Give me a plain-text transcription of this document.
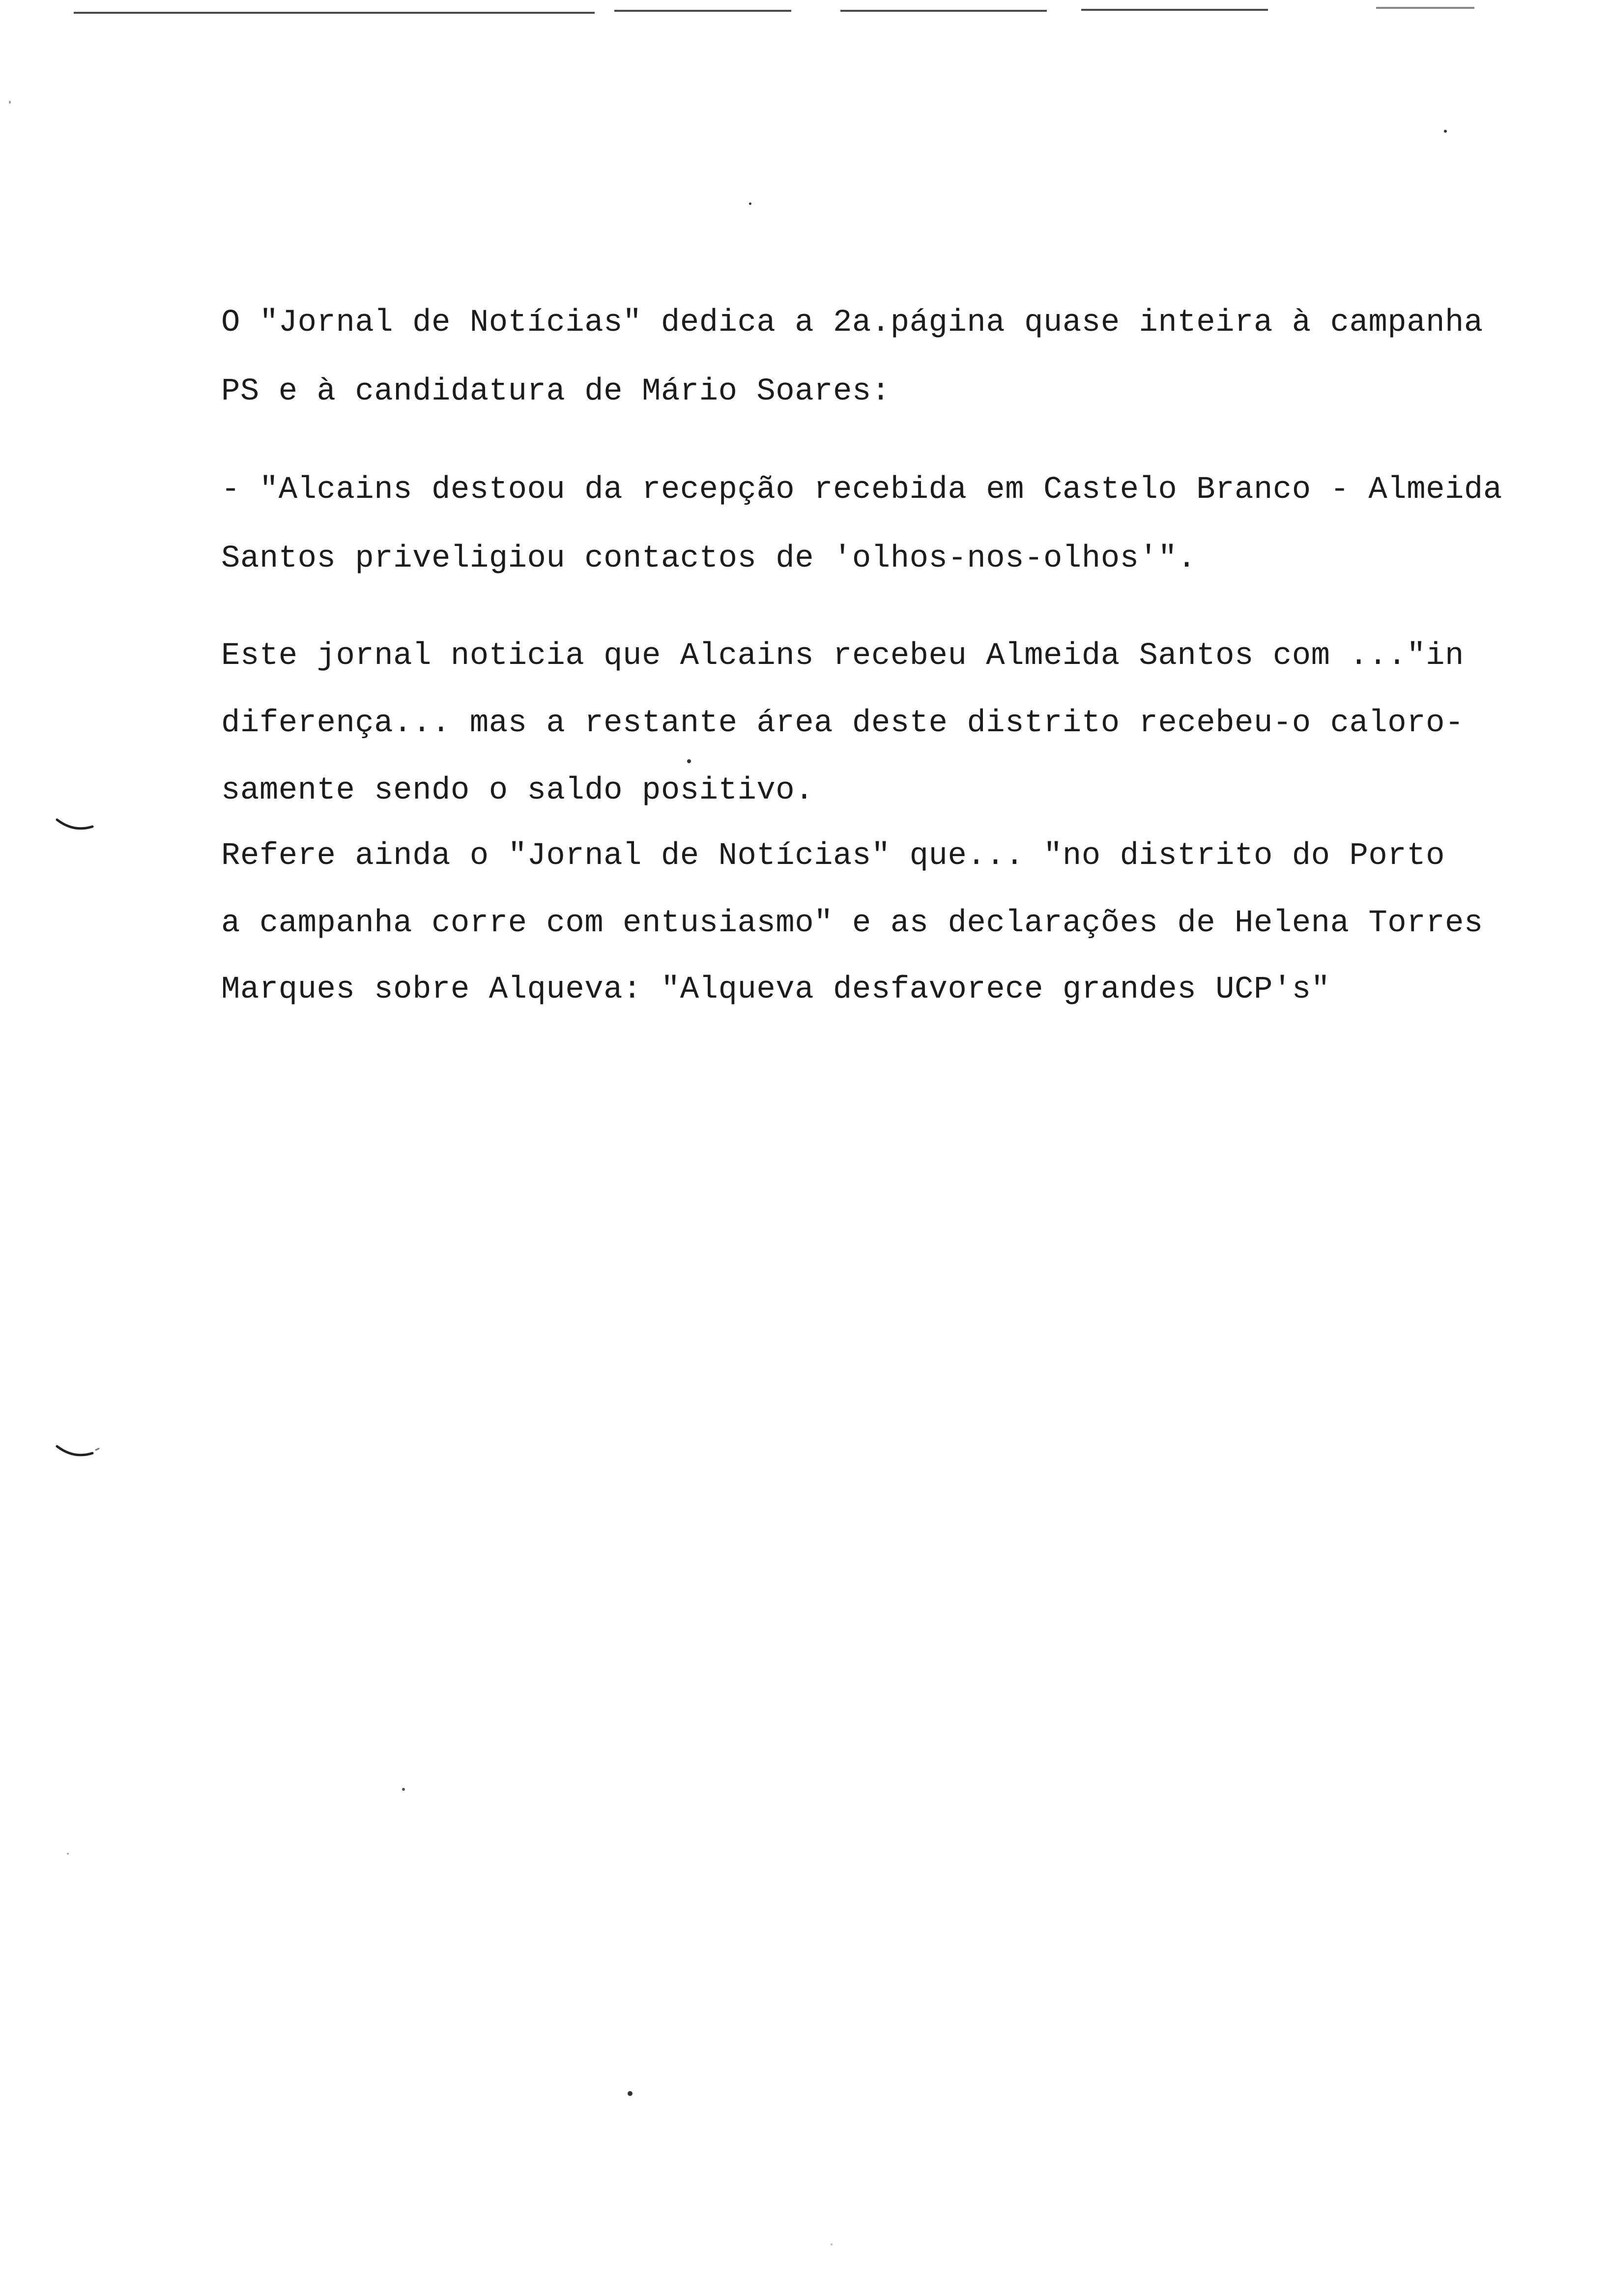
O "Jornal de Notícias" dedica a 2a.página quase inteira à campanha
PS e à candidatura de Mário Soares:
- "Alcains destoou da recepção recebida em Castelo Branco - Almeida
Santos priveligiou contactos de 'olhos-nos-olhos'".
Este jornal noticia que Alcains recebeu Almeida Santos com ..."in
diferença... mas a restante área deste distrito recebeu-o caloro-
samente sendo o saldo positivo.
Refere ainda o "Jornal de Notícias" que... "no distrito do Porto
a campanha corre com entusiasmo" e as declarações de Helena Torres
Marques sobre Alqueva: "Alqueva desfavorece grandes UCP's"
